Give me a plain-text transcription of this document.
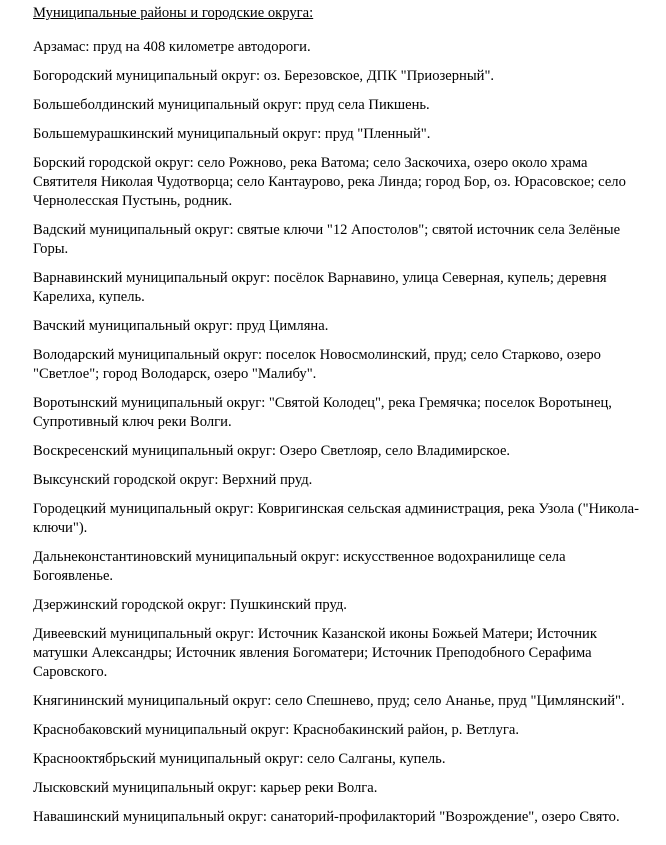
Муниципальные районы и городские округа:
Арзамас: пруд на 408 километре автодороги.
Богородский муниципальный округ: оз. Березовское, ДПК "Приозерный".
Большеболдинский муниципальный округ: пруд села Пикшень.
Большемурашкинский муниципальный округ: пруд "Пленный".
Борский городской округ: село Рожново, река Ватома; село Заскочиха, озеро около храма Святителя Николая Чудотворца; село Кантаурово, река Линда; город Бор, оз. Юрасовское; село Чернолесская Пустынь, родник.
Вадский муниципальный округ: святые ключи "12 Апостолов"; святой источник села Зелёные Горы.
Варнавинский муниципальный округ: посёлок Варнавино, улица Северная, купель; деревня Карелиха, купель.
Вачский муниципальный округ: пруд Цимляна.
Володарский муниципальный округ: поселок Новосмолинский, пруд; село Старково, озеро "Светлое"; город Володарск, озеро "Малибу".
Воротынский муниципальный округ: "Святой Колодец", река Гремячка; поселок Воротынец, Супротивный ключ реки Волги.
Воскресенский муниципальный округ: Озеро Светлояр, село Владимирское.
Выксунский городской округ: Верхний пруд.
Городецкий муниципальный округ: Ковригинская сельская администрация, река Узола ("Никола-ключи").
Дальнеконстантиновский муниципальный округ: искусственное водохранилище села Богоявленье.
Дзержинский городской округ: Пушкинский пруд.
Дивеевский муниципальный округ: Источник Казанской иконы Божьей Матери; Источник матушки Александры; Источник явления Богоматери; Источник Преподобного Серафима Саровского.
Княгининский муниципальный округ: село Спешнево, пруд; село Ананье, пруд "Цимлянский".
Краснобаковский муниципальный округ: Краснобакинский район, р. Ветлуга.
Краснооктябрьский муниципальный округ: село Салганы, купель.
Лысковский муниципальный округ: карьер реки Волга.
Навашинский муниципальный округ: санаторий-профилакторий "Возрождение", озеро Свято.
